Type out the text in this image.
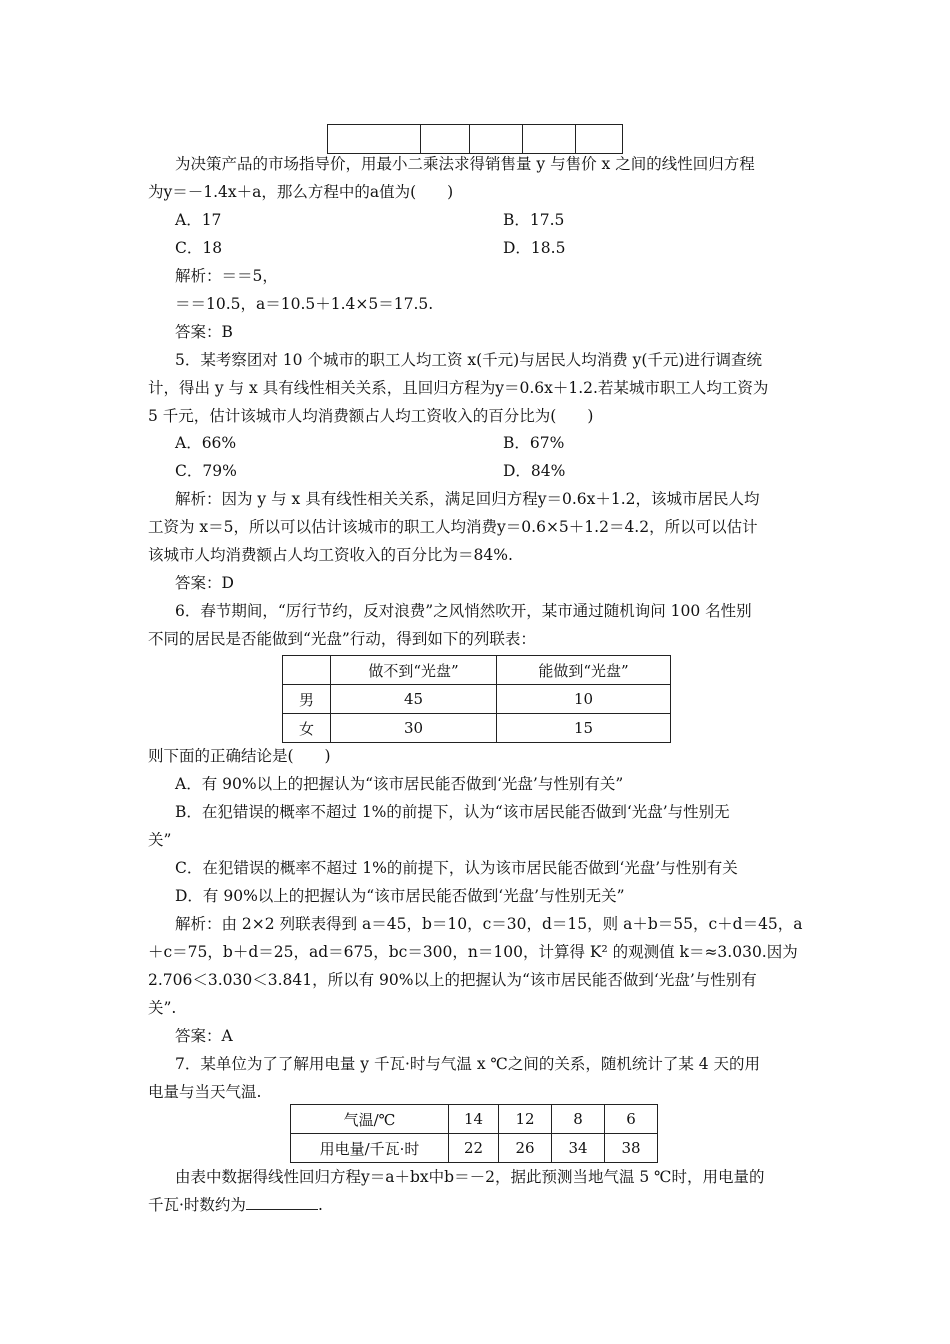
为决策产品的市场指导价，用最小二乘法求得销售量 y 与售价 x 之间的线性回归方程
为y＝－1.4x＋a，那么方程中的a值为(　　)
A．17	B．17.5
C．18	D．18.5
解析：＝＝5，
＝＝10.5，a＝10.5＋1.4×5＝17.5.
答案：B
5．某考察团对 10 个城市的职工人均工资 x(千元)与居民人均消费 y(千元)进行调查统
计，得出 y 与 x 具有线性相关关系，且回归方程为y＝0.6x＋1.2.若某城市职工人均工资为
5 千元，估计该城市人均消费额占人均工资收入的百分比为(　　)
A．66%	B．67%
C．79%	D．84%
解析：因为 y 与 x 具有线性相关关系，满足回归方程y＝0.6x＋1.2，该城市居民人均
工资为 x＝5，所以可以估计该城市的职工人均消费y＝0.6×5＋1.2＝4.2，所以可以估计
该城市人均消费额占人均工资收入的百分比为＝84%.
答案：D
6．春节期间，“厉行节约，反对浪费”之风悄然吹开，某市通过随机询问 100 名性别
不同的居民是否能做到“光盘”行动，得到如下的列联表：
	做不到“光盘”	能做到“光盘”
男	45	10
女	30	15
则下面的正确结论是(　　)
A．有 90%以上的把握认为“该市居民能否做到‘光盘’与性别有关”
B．在犯错误的概率不超过 1%的前提下，认为“该市居民能否做到‘光盘’与性别无
关”
C．在犯错误的概率不超过 1%的前提下，认为该市居民能否做到‘光盘’与性别有关
D．有 90%以上的把握认为“该市居民能否做到‘光盘’与性别无关”
解析：由 2×2 列联表得到 a＝45，b＝10，c＝30，d＝15，则 a＋b＝55，c＋d＝45，a
＋c＝75，b＋d＝25，ad＝675，bc＝300，n＝100，计算得 K² 的观测值 k＝≈3.030.因为
2.706＜3.030＜3.841，所以有 90%以上的把握认为“该市居民能否做到‘光盘’与性别有
关”.
答案：A
7．某单位为了了解用电量 y 千瓦·时与气温 x ℃之间的关系，随机统计了某 4 天的用
电量与当天气温.
气温/℃	14	12	8	6
用电量/千瓦·时	22	26	34	38
由表中数据得线性回归方程y＝a＋bx中b＝－2，据此预测当地气温 5 ℃时，用电量的
千瓦·时数约为	.
